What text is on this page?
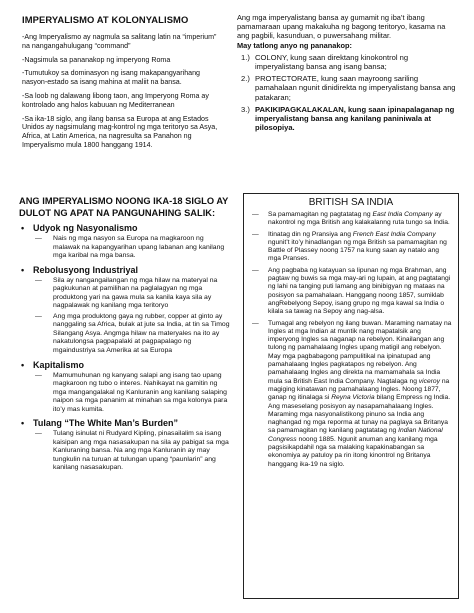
IMPERYALISMO AT KOLONYALISMO

-Ang Imperyalismo ay nagmula sa salitang latin na “imperium” na nangangahulugang “command”

-Nagsimula sa pananakop ng imperyong Roma

-Tumutukoy sa dominasyon ng isang makapangyarihang nasyon-estado sa isang mahina at maliit na bansa.

-Sa loob ng dalawang libong taon, ang Imperyong Roma ay kontrolado ang halos kabuuan ng Mediterranean

-Sa ika-18 siglo, ang ilang bansa sa Europa at ang Estados Unidos ay nagsimulang mag-kontrol ng mga teritoryo sa Asya, Africa, at Latin America, na nagresulta sa Panahon ng Imperyalismo mula 1800 hanggang 1914.

Ang mga imperyalistang bansa ay gumamit ng iba’t ibang pamamaraan upang makakuha ng bagong teritoryo, kasama na ang pagbili, kasunduan, o puwersahang militar.

May tatlong anyo ng pananakop:
1.) COLONY, kung saan direktang kinokontrol ng imperyalistang bansa ang isang bansa;
2.) PROTECTORATE, kung saan mayroong sariling pamahalaan ngunit dinidirekta ng imperyalistang bansa ang patakaran;
3.) PAKIKIPAGKALAKALAN, kung saan ipinapalaganap ng imperyalistang bansa ang kanilang paniniwala at pilosopiya.
ANG IMPERYALISMO NOONG IKA-18 SIGLO AY DULOT NG APAT NA PANGUNAHING SALIK:
• Udyok ng Nasyonalismo
— Nais ng mga nasyon sa Europa na magkaroon ng malawak na kapangyarihan upang labanan ang kanilang mga karibal na mga bansa.
• Rebolusyong Industriyal
— Sila ay nangangailangan ng mga hilaw na materyal na pagkukunan at pamilihan na paglalagyan ng mga produktong yari na gawa mula sa kanila kaya sila ay nagpalawak ng kanilang mga teritoryo
— Ang mga produktong gaya ng rubber, copper at ginto ay nanggaling sa Africa, bulak at jute sa India, at tin sa Timog Silangang Asya. Angmga hilaw na materyales na ito ay nakatulongsa pagpapalaki at pagpapalago ng mgaindustriya sa Amerika at sa Europa
• Kapitalismo
— Mamumuhunan ng kanyang salapi ang isang tao upang magkaroon ng tubo o interes. Nahikayat na gamitin ng mga mangangalakal ng Kanluranin ang kanilang salaping naipon sa mga pananim at minahan sa mga kolonya para ito’y mas kumita.
• Tulang “The White Man’s Burden”
— Tulang isinulat ni Rudyard Kipling, pinasailalim sa isang kaisipan ang mga nasasakupan na sila ay pabigat sa mga Kanluraning bansa. Na ang mga Kanluranin ay may tungkulin na turuan at tulungan upang “paunlarin” ang kanilang nasasakupan.
BRITISH SA INDIA
— Sa pamamagitan ng pagtatatag ng East India Company ay nakontrol ng mga British ang kalakalanng ruta tungo sa India.
— Itinatag din ng Pransiya ang French East India Company ngunit’t ito’y hinadlangan ng mga British sa pamamagitan ng Battle of Plassey noong 1757 na kung saan ay natalo ang mga Pranses.
— Ang pagbaba ng katayuan sa lipunan ng mga Brahman, ang pagtaw ng buwis sa mga may-ari ng lupain, at ang pagtatangi ng lahi na tanging puti lamang ang binibigyan ng mataas na posisyon sa pamahalaan. Hanggang noong 1857, sumiklab angRebelyong Sepoy, isang grupo ng mga kawal sa India o kilala sa tawag na Sepoy ang nag-alsa.
— Tumagal ang rebelyon ng ilang buwan. Maraming namatay na Ingles at mga Indian at muntik nang mapatalsik ang imperyong Ingles sa naganap na rebelyon. Kinailangan ang tulong ng pamahalaang Ingles upang matigil ang rebelyon. May mga pagbabagong pampulitikal na ipinatupad ang pamahalaang Ingles pagkatapos ng rebelyon. Ang pamahalaang Ingles ang direkta na mamamahala sa India mula sa British East India Company. Nagtalaga ng viceroy na magiging kinatawan ng pamahalaang Ingles. Noong 1877, ganap ng itinalaga si Reyna Victoria bilang Empress ng India. Ang maseselang posisyon ay nasapamahalaang Ingles. Maraming mga nasyonalistikong pinuno sa India ang naghangad ng mga reporma at tunay na paglaya sa Britanya sa pamamagitan ng kanilang pagtatatag ng Indian National Congress noong 1885. Ngunit anuman ang kanilang mga pagsisikapdahil nga sa malaking kapakinabangan sa ekonomiya ay patuloy pa rin itong kinontrol ng Britanya hanggang ika-19 na siglo.
